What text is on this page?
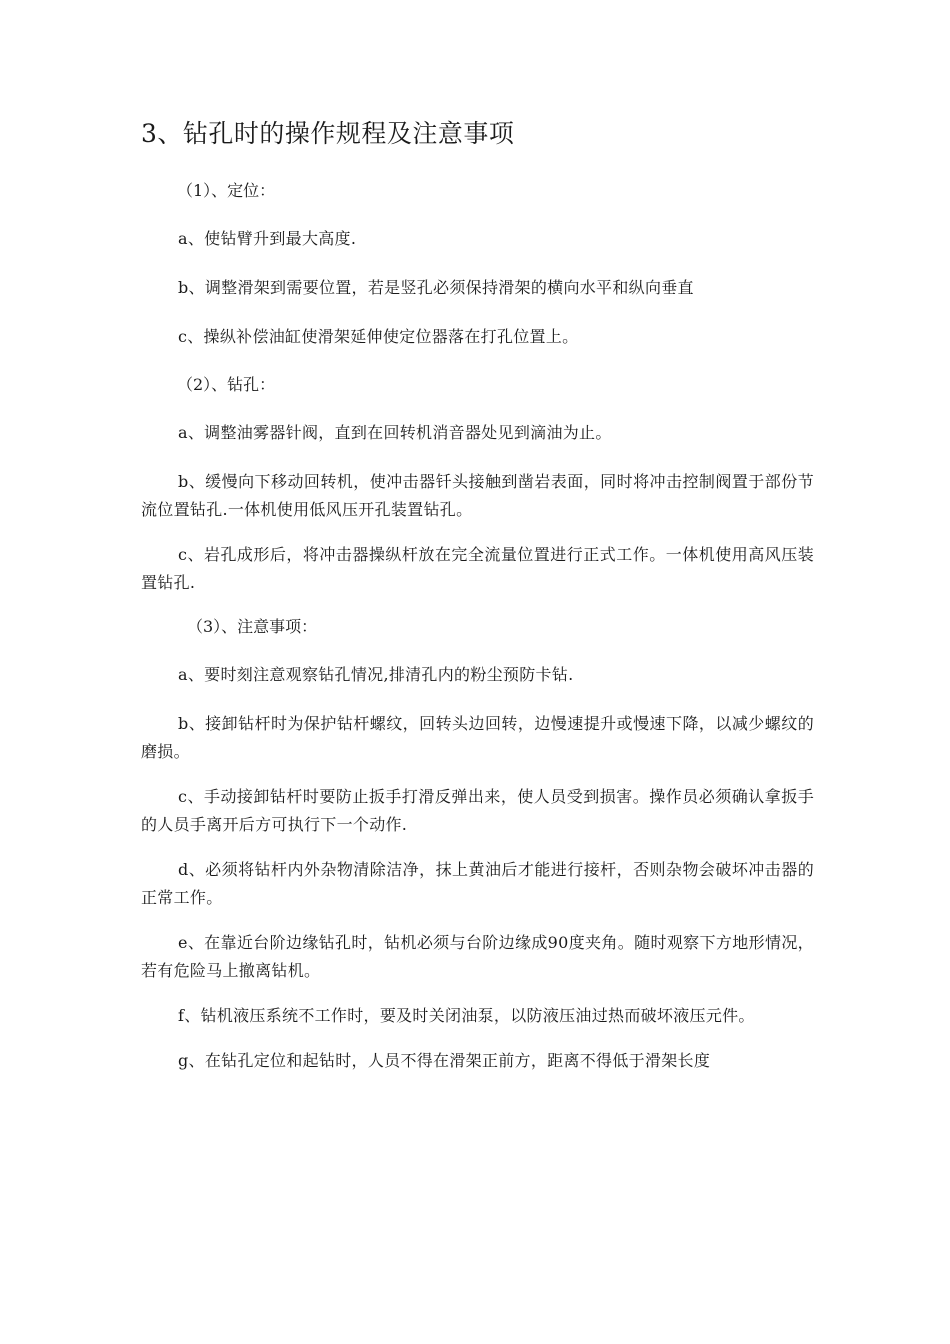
3、钻孔时的操作规程及注意事项

（1）、定位：

a、使钻臂升到最大高度.

b、调整滑架到需要位置，若是竖孔必须保持滑架的横向水平和纵向垂直

c、操纵补偿油缸使滑架延伸使定位器落在打孔位置上。

（2）、钻孔：

a、调整油雾器针阀，直到在回转机消音器处见到滴油为止。

b、缓慢向下移动回转机，使冲击器钎头接触到凿岩表面，同时将冲击控制阀置于部份节流位置钻孔.一体机使用低风压开孔装置钻孔。

c、岩孔成形后，将冲击器操纵杆放在完全流量位置进行正式工作。一体机使用高风压装置钻孔.

（3）、注意事项：

a、要时刻注意观察钻孔情况,排清孔内的粉尘预防卡钻.

b、接卸钻杆时为保护钻杆螺纹，回转头边回转，边慢速提升或慢速下降，以减少螺纹的磨损。

c、手动接卸钻杆时要防止扳手打滑反弹出来，使人员受到损害。操作员必须确认拿扳手的人员手离开后方可执行下一个动作.

d、必须将钻杆内外杂物清除洁净，抹上黄油后才能进行接杆，否则杂物会破坏冲击器的正常工作。

e、在靠近台阶边缘钻孔时，钻机必须与台阶边缘成90度夹角。随时观察下方地形情况，若有危险马上撤离钻机。

f、钻机液压系统不工作时，要及时关闭油泵，以防液压油过热而破坏液压元件。

g、在钻孔定位和起钻时，人员不得在滑架正前方，距离不得低于滑架长度
